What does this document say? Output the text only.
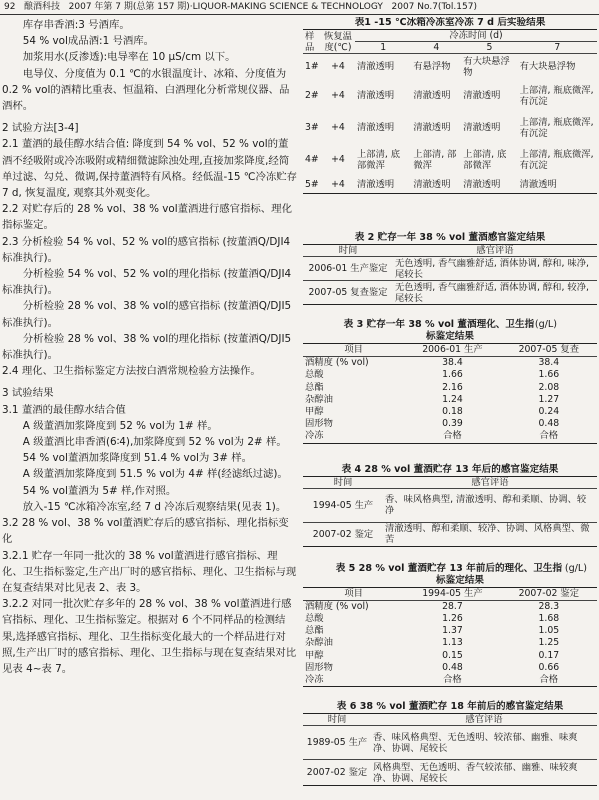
92 酿酒科技 2007 年第 7 期(总第 157 期)·LIQUOR-MAKING SCIENCE & TECHNOLOGY 2007 No.7(Tol.157)

库存串香酒:3 号酒库。

54 % vol成品酒:1 号酒库。

加浆用水(反渗透):电导率在 10 μS/cm 以下。

电导仪、分度值为 0.1 ℃的水银温度计、冰箱、分度值为 0.2 % vol的酒精比重表、恒温箱、白酒理化分析常规仪器、品酒杯。

2 试验方法[3-4]

2.1 董酒的最佳醇水结合值: 降度到 54 % vol、52 % vol的董酒不经吸附或冷冻吸附或精细微滤除浊处理,直接加浆降度,经简单过滤、勾兑、微调,保持董酒特有风格。经低温-15 ℃冷冻贮存 7 d, 恢复温度, 观察其外观变化。

2.2 对贮存后的 28 % vol、38 % vol董酒进行感官指标、理化指标鉴定。

2.3 分析检验 54 % vol、52 % vol的感官指标 (按董酒Q/DJI4 标准执行)。

分析检验 54 % vol、52 % vol的理化指标 (按董酒Q/DJI4 标准执行)。

分析检验 28 % vol、38 % vol的感官指标 (按董酒Q/DJI5 标准执行)。

分析检验 28 % vol、38 % vol的理化指标 (按董酒Q/DJI5 标准执行)。

2.4 理化、卫生指标鉴定方法按白酒常规检验方法操作。

3 试验结果

3.1 董酒的最佳醇水结合值

A 级董酒加浆降度到 52 % vol为 1# 样。

A 级董酒比串香酒(6∶4),加浆降度到 52 % vol为 2# 样。

54 % vol董酒加浆降度到 51.4 % vol为 3# 样。

A 级董酒加浆降度到 51.5 % vol为 4# 样(经滤纸过滤)。

54 % vol董酒为 5# 样,作对照。

放入-15 ℃冰箱冷冻室,经 7 d 冷冻后观察结果(见表 1)。

3.2 28 % vol、38 % vol董酒贮存后的感官指标、理化指标变化

3.2.1 贮存一年同一批次的 38 % vol董酒进行感官指标、理化、卫生指标鉴定,生产出厂时的感官指标、理化、卫生指标与现在复查结果对比见表 2、表 3。

3.2.2 对同一批次贮存多年的 28 % vol、38 % vol董酒进行感官指标、理化、卫生指标鉴定。根据对 6 个不同样品的检测结果,选择感官指标、理化、卫生指标变化最大的一个样品进行对照,生产出厂时的感官指标、理化、卫生指标与现在复查结果对比见表 4~表 7。

表1 -15 ℃冰箱冷冻室冷冻 7 d 后实验结果
样品	恢复温度(℃)	冷冻时间 (d)			
		1	4	5	7
1#	+4	清澈透明	有悬浮物	有大块悬浮物	有大块悬浮物
2#	+4	清澈透明	清澈透明	清澈透明	上部清, 瓶底微浑, 有沉淀
3#	+4	清澈透明	清澈透明	清澈透明	上部清, 瓶底微浑, 有沉淀
4#	+4	上部清, 底部微浑	上部清, 部微浑	上部清, 底部微浑	上部清, 瓶底微浑, 有沉淀
5#	+4	清澈透明	清澈透明	清澈透明	清澈透明
表 2 贮存一年 38 % vol 董酒感官鉴定结果
时间	感官评语
2006-01 生产鉴定	无色透明, 香气幽雅舒适, 酒体协调, 醇和, 味净, 尾较长
2007-05 复查鉴定	无色透明, 香气幽雅舒适, 酒体协调, 醇和, 较净, 尾较长
(g/L)
表 3 贮存一年 38 % vol 董酒理化、卫生指标鉴定结果
项目	2006-01 生产	2007-05 复查
酒精度 (% vol)	38.4	38.4
总酸	1.66	1.66
总酯	2.16	2.08
杂醇油	1.24	1.27
甲醇	0.18	0.24
固形物	0.39	0.48
冷冻	合格	合格
表 4 28 % vol 董酒贮存 13 年后的感官鉴定结果
时间	感官评语
1994-05 生产	香、味风格典型, 清澈透明、醇和柔顺、协调、较净
2007-02 鉴定	清澈透明、醇和柔顺、较净、协调、风格典型、微苦
(g/L)
表 5 28 % vol 董酒贮存 13 年前后的理化、卫生指标鉴定结果
项目	1994-05 生产	2007-02 鉴定
酒精度 (% vol)	28.7	28.3
总酸	1.26	1.68
总酯	1.37	1.05
杂醇油	1.13	1.25
甲醇	0.15	0.17
固形物	0.48	0.66
冷冻	合格	合格
表 6 38 % vol 董酒贮存 18 年前后的感官鉴定结果
时间	感官评语
1989-05 生产	香、味风格典型、无色透明、较浓郁、幽雅、味爽净、协调、尾较长
2007-02 鉴定	风格典型、无色透明、香气较浓郁、幽雅、味较爽净、协调、尾较长
